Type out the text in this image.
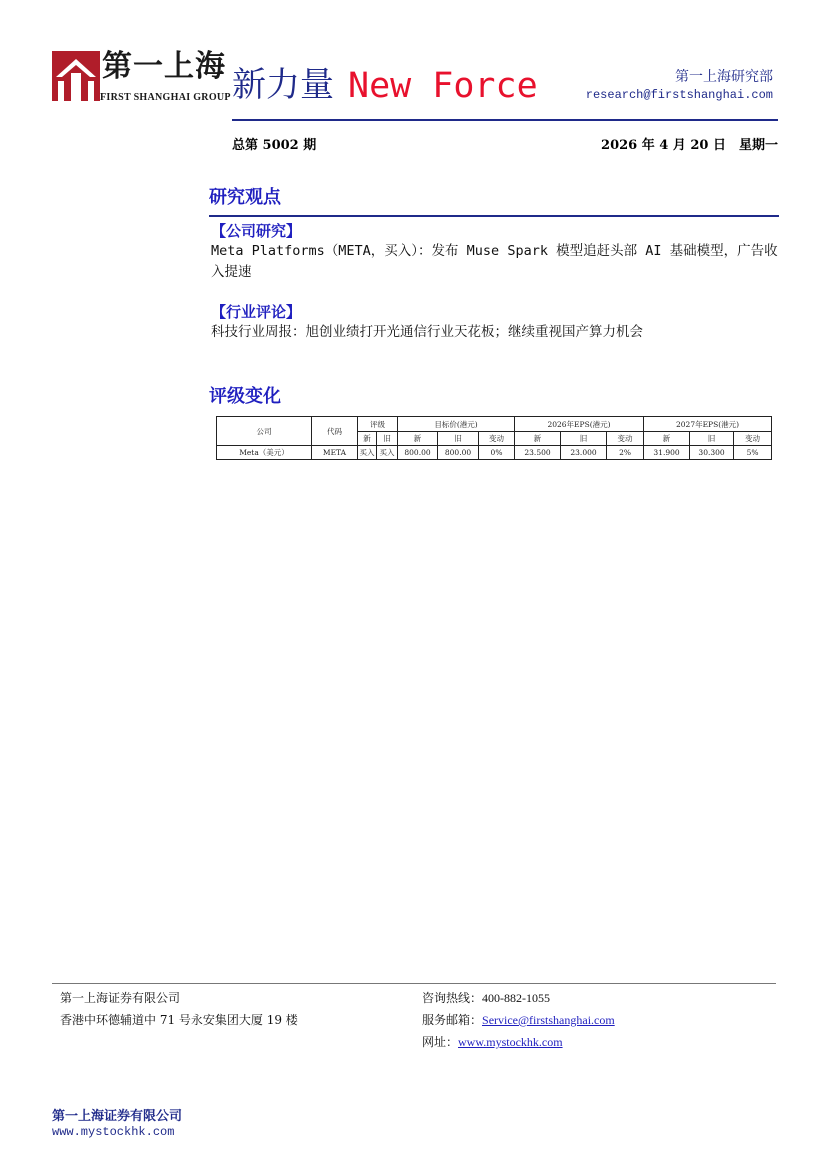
第一上海
FIRST SHANGHAI GROUP 新力量 New Force	第一上海研究部
research@firstshanghai.com
总第 5002 期	2026 年 4 月 20 日　星期一
研究观点
【公司研究】
Meta Platforms（META，买入）：发布 Muse Spark 模型追赶头部 AI 基础模型，广告收入提速
【行业评论】
科技行业周报：旭创业绩打开光通信行业天花板；继续重视国产算力机会
评级变化
公司	代码	评级		目标价(港元)			2026年EPS(港元)			2027年EPS(港元)		
		新	旧	新	旧	变动	新	旧	变动	新	旧	变动
Meta（美元）	META	买入	买入	800.00	800.00	0%	23.500	23.000	2%	31.900	30.300	5%
第一上海证券有限公司
香港中环德辅道中 71 号永安集团大厦 19 楼
咨询热线：400-882-1055
服务邮箱：Service@firstshanghai.com
网址：www.mystockhk.com
第一上海证券有限公司
www.mystockhk.com
